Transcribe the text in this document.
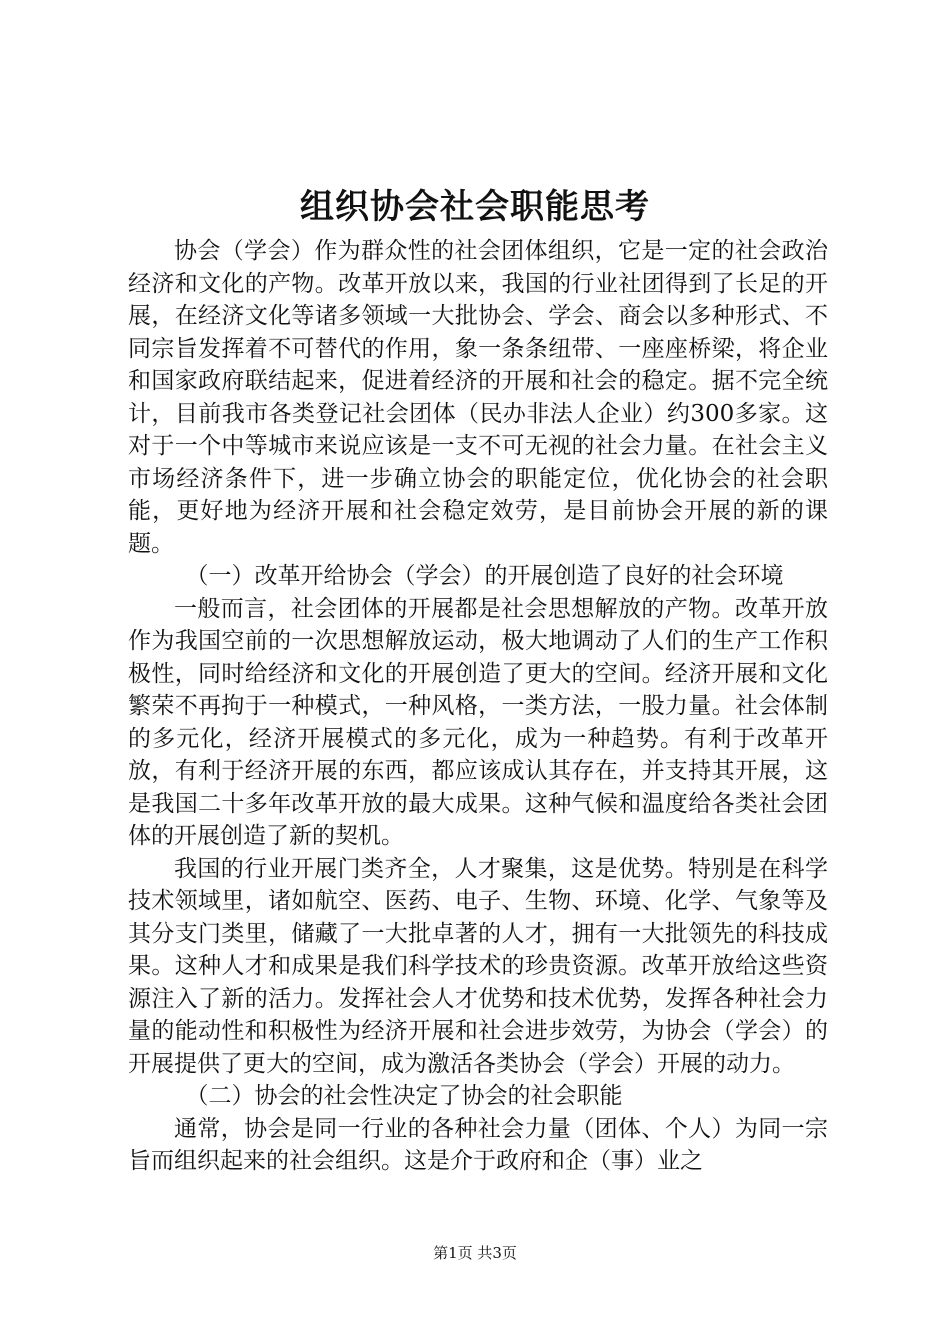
组织协会社会职能思考

协会（学会）作为群众性的社会团体组织，它是一定的社会政治经济和文化的产物。改革开放以来，我国的行业社团得到了长足的开展，在经济文化等诸多领域一大批协会、学会、商会以多种形式、不同宗旨发挥着不可替代的作用，象一条条纽带、一座座桥梁，将企业和国家政府联结起来，促进着经济的开展和社会的稳定。据不完全统计，目前我市各类登记社会团体（民办非法人企业）约300多家。这对于一个中等城市来说应该是一支不可无视的社会力量。在社会主义市场经济条件下，进一步确立协会的职能定位，优化协会的社会职能，更好地为经济开展和社会稳定效劳，是目前协会开展的新的课题。

（一）改革开给协会（学会）的开展创造了良好的社会环境

一般而言，社会团体的开展都是社会思想解放的产物。改革开放作为我国空前的一次思想解放运动，极大地调动了人们的生产工作积极性，同时给经济和文化的开展创造了更大的空间。经济开展和文化繁荣不再拘于一种模式，一种风格，一类方法，一股力量。社会体制的多元化，经济开展模式的多元化，成为一种趋势。有利于改革开放，有利于经济开展的东西，都应该成认其存在，并支持其开展，这是我国二十多年改革开放的最大成果。这种气候和温度给各类社会团体的开展创造了新的契机。

我国的行业开展门类齐全，人才聚集，这是优势。特别是在科学技术领域里，诸如航空、医药、电子、生物、环境、化学、气象等及其分支门类里，储藏了一大批卓著的人才，拥有一大批领先的科技成果。这种人才和成果是我们科学技术的珍贵资源。改革开放给这些资源注入了新的活力。发挥社会人才优势和技术优势，发挥各种社会力量的能动性和积极性为经济开展和社会进步效劳，为协会（学会）的开展提供了更大的空间，成为激活各类协会（学会）开展的动力。

（二）协会的社会性决定了协会的社会职能

通常，协会是同一行业的各种社会力量（团体、个人）为同一宗旨而组织起来的社会组织。这是介于政府和企（事）业之

第1页 共3页
